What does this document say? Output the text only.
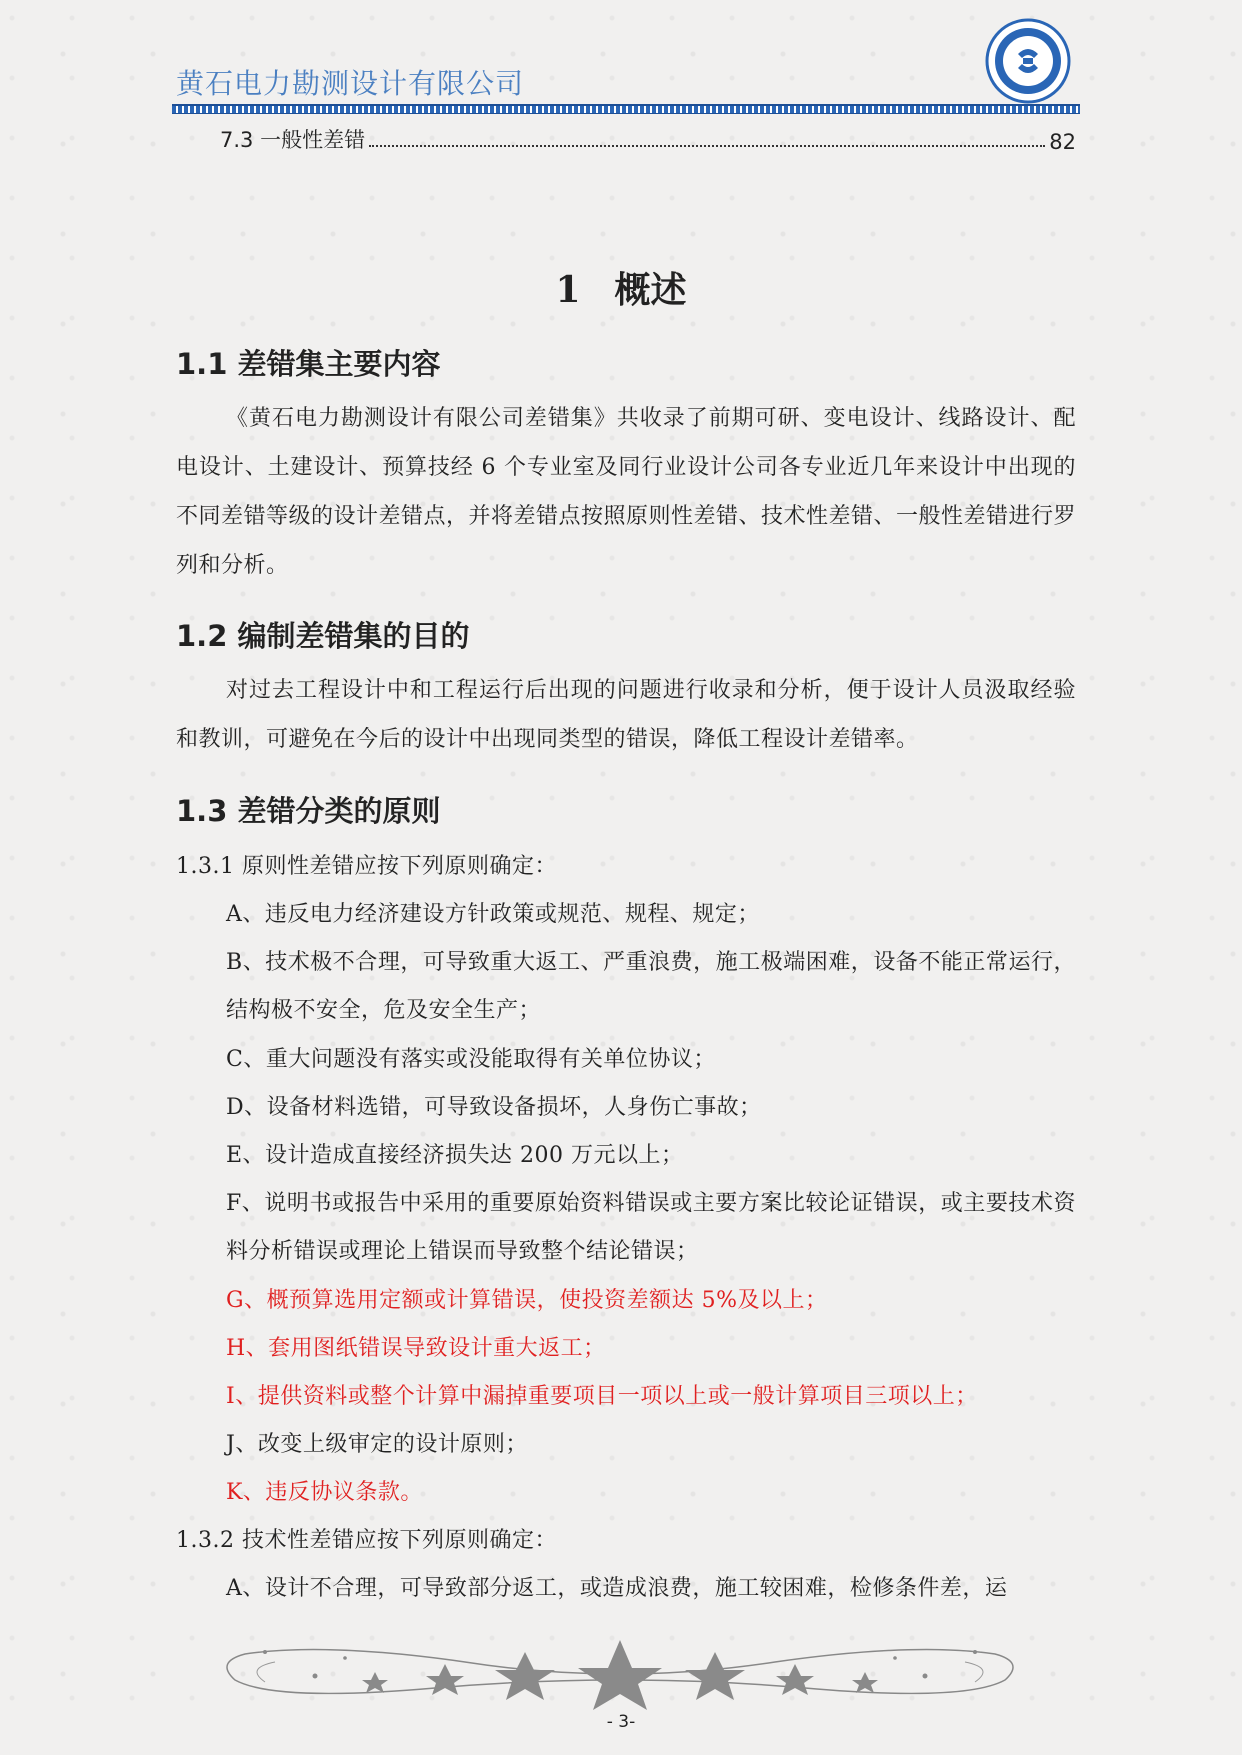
黄石电力勘测设计有限公司
7.3 一般性差错	82
1 概述
1.1 差错集主要内容

《黄石电力勘测设计有限公司差错集》共收录了前期可研、变电设计、线路设计、配电设计、土建设计、预算技经 6 个专业室及同行业设计公司各专业近几年来设计中出现的不同差错等级的设计差错点，并将差错点按照原则性差错、技术性差错、一般性差错进行罗列和分析。

1.2 编制差错集的目的

对过去工程设计中和工程运行后出现的问题进行收录和分析，便于设计人员汲取经验和教训，可避免在今后的设计中出现同类型的错误，降低工程设计差错率。

1.3 差错分类的原则

1.3.1 原则性差错应按下列原则确定：

A、违反电力经济建设方针政策或规范、规程、规定；

B、技术极不合理，可导致重大返工、严重浪费，施工极端困难，设备不能正常运行，结构极不安全，危及安全生产；

C、重大问题没有落实或没能取得有关单位协议；

D、设备材料选错，可导致设备损坏，人身伤亡事故；

E、设计造成直接经济损失达 200 万元以上；

F、说明书或报告中采用的重要原始资料错误或主要方案比较论证错误，或主要技术资料分析错误或理论上错误而导致整个结论错误；

G、概预算选用定额或计算错误，使投资差额达 5%及以上；

H、套用图纸错误导致设计重大返工；

I、提供资料或整个计算中漏掉重要项目一项以上或一般计算项目三项以上；

J、改变上级审定的设计原则；

K、违反协议条款。

1.3.2 技术性差错应按下列原则确定：

A、设计不合理，可导致部分返工，或造成浪费，施工较困难，检修条件差，运

- 3-
